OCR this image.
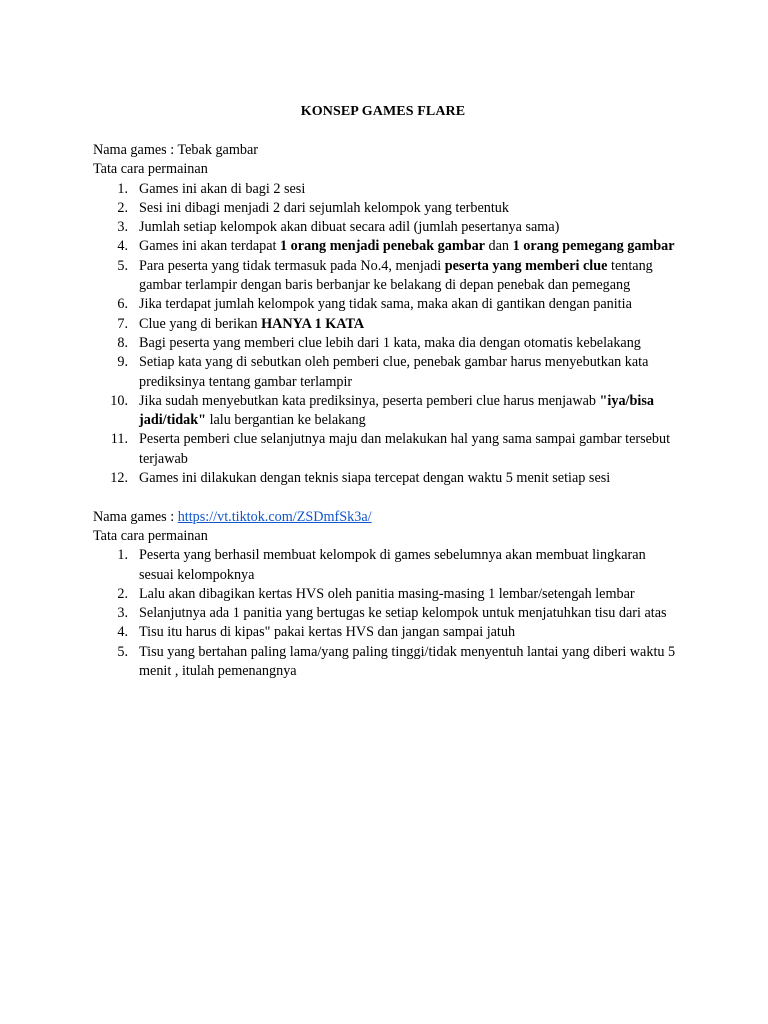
KONSEP GAMES FLARE
Nama games : Tebak gambar
Tata cara permainan
1. Games ini akan di bagi 2 sesi
2. Sesi ini dibagi menjadi 2 dari sejumlah kelompok yang terbentuk
3. Jumlah setiap kelompok akan dibuat secara adil (jumlah pesertanya sama)
4. Games ini akan terdapat 1 orang menjadi penebak gambar dan 1 orang pemegang gambar
5. Para peserta yang tidak termasuk pada No.4, menjadi peserta yang memberi clue tentang gambar terlampir dengan baris berbanjar ke belakang di depan penebak dan pemegang
6. Jika terdapat jumlah kelompok yang tidak sama, maka akan di gantikan dengan panitia
7. Clue yang di berikan HANYA 1 KATA
8. Bagi peserta yang memberi clue lebih dari 1 kata, maka dia dengan otomatis kebelakang
9. Setiap kata yang di sebutkan oleh pemberi clue, penebak gambar harus menyebutkan kata prediksinya tentang gambar terlampir
10. Jika sudah menyebutkan kata prediksinya, peserta pemberi clue harus menjawab "iya/bisa jadi/tidak" lalu bergantian ke belakang
11. Peserta pemberi clue selanjutnya maju dan melakukan hal yang sama sampai gambar tersebut terjawab
12. Games ini dilakukan dengan teknis siapa tercepat dengan waktu 5 menit setiap sesi
Nama games : https://vt.tiktok.com/ZSDmfSk3a/
Tata cara permainan
1. Peserta yang berhasil membuat kelompok di games sebelumnya akan membuat lingkaran sesuai kelompoknya
2. Lalu akan dibagikan kertas HVS oleh panitia masing-masing 1 lembar/setengah lembar
3. Selanjutnya ada 1 panitia yang bertugas ke setiap kelompok untuk menjatuhkan tisu dari atas
4. Tisu itu harus di kipas" pakai kertas HVS dan jangan sampai jatuh
5. Tisu yang bertahan paling lama/yang paling tinggi/tidak menyentuh lantai yang diberi waktu 5 menit , itulah pemenangnya
